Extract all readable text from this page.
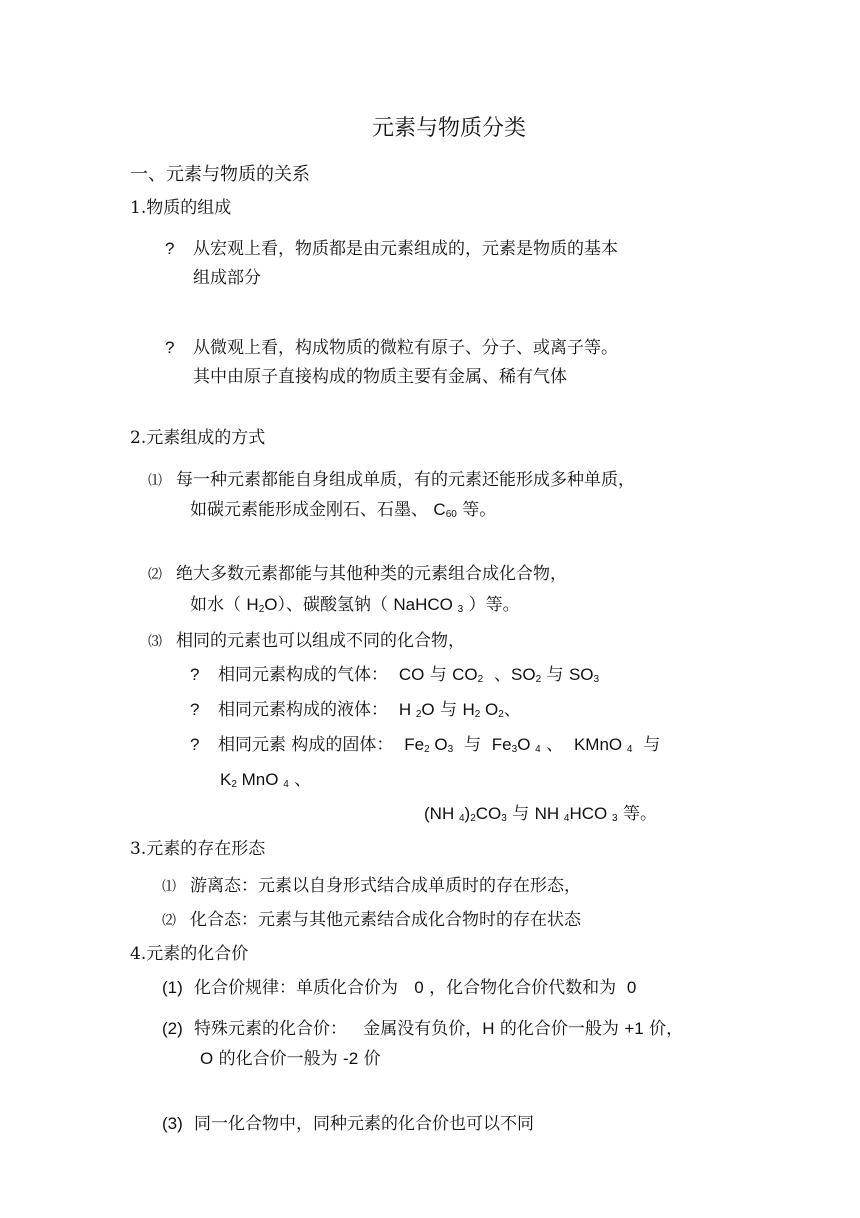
元素与物质分类
一、元素与物质的关系
1.物质的组成
? 从宏观上看，物质都是由元素组成的，元素是物质的基本
组成部分
? 从微观上看，构成物质的微粒有原子、分子、或离子等。
其中由原子直接构成的物质主要有金属、稀有气体
2.元素组成的方式
⑴ 每一种元素都能自身组成单质，有的元素还能形成多种单质，
如碳元素能形成金刚石、石墨、 $C_{60}$ 等。
⑵ 绝大多数元素都能与其他种类的元素组合成化合物，
如水（ $H_2O$）、碳酸氢钠（ NaHCO $_3$ ）等。
⑶ 相同的元素也可以组成不同的化合物，
? 相同元素构成的气体： CO 与 $CO_2$ 、$SO_2$ 与 $SO_3$
? 相同元素构成的液体： H $_2$O 与 $H_2$ $O_2$、
? 相同元素 构成的固体： $Fe_2$ $O_3$ 与 $Fe_3O$ $_4$ 、 KMnO $_4$ 与
$K_2$ MnO $_4$ 、
(NH $_4)_2CO_3$ 与 NH $_4$HCO $_3$ 等。
3.元素的存在形态
⑴ 游离态：元素以自身形式结合成单质时的存在形态，
⑵ 化合态：元素与其他元素结合成化合物时的存在状态
4.元素的化合价
(1) 化合价规律：单质化合价为 0 ，化合物化合价代数和为 0
(2) 特殊元素的化合价： 金属没有负价，H 的化合价一般为 +1 价，
O 的化合价一般为 -2 价
(3) 同一化合物中，同种元素的化合价也可以不同
